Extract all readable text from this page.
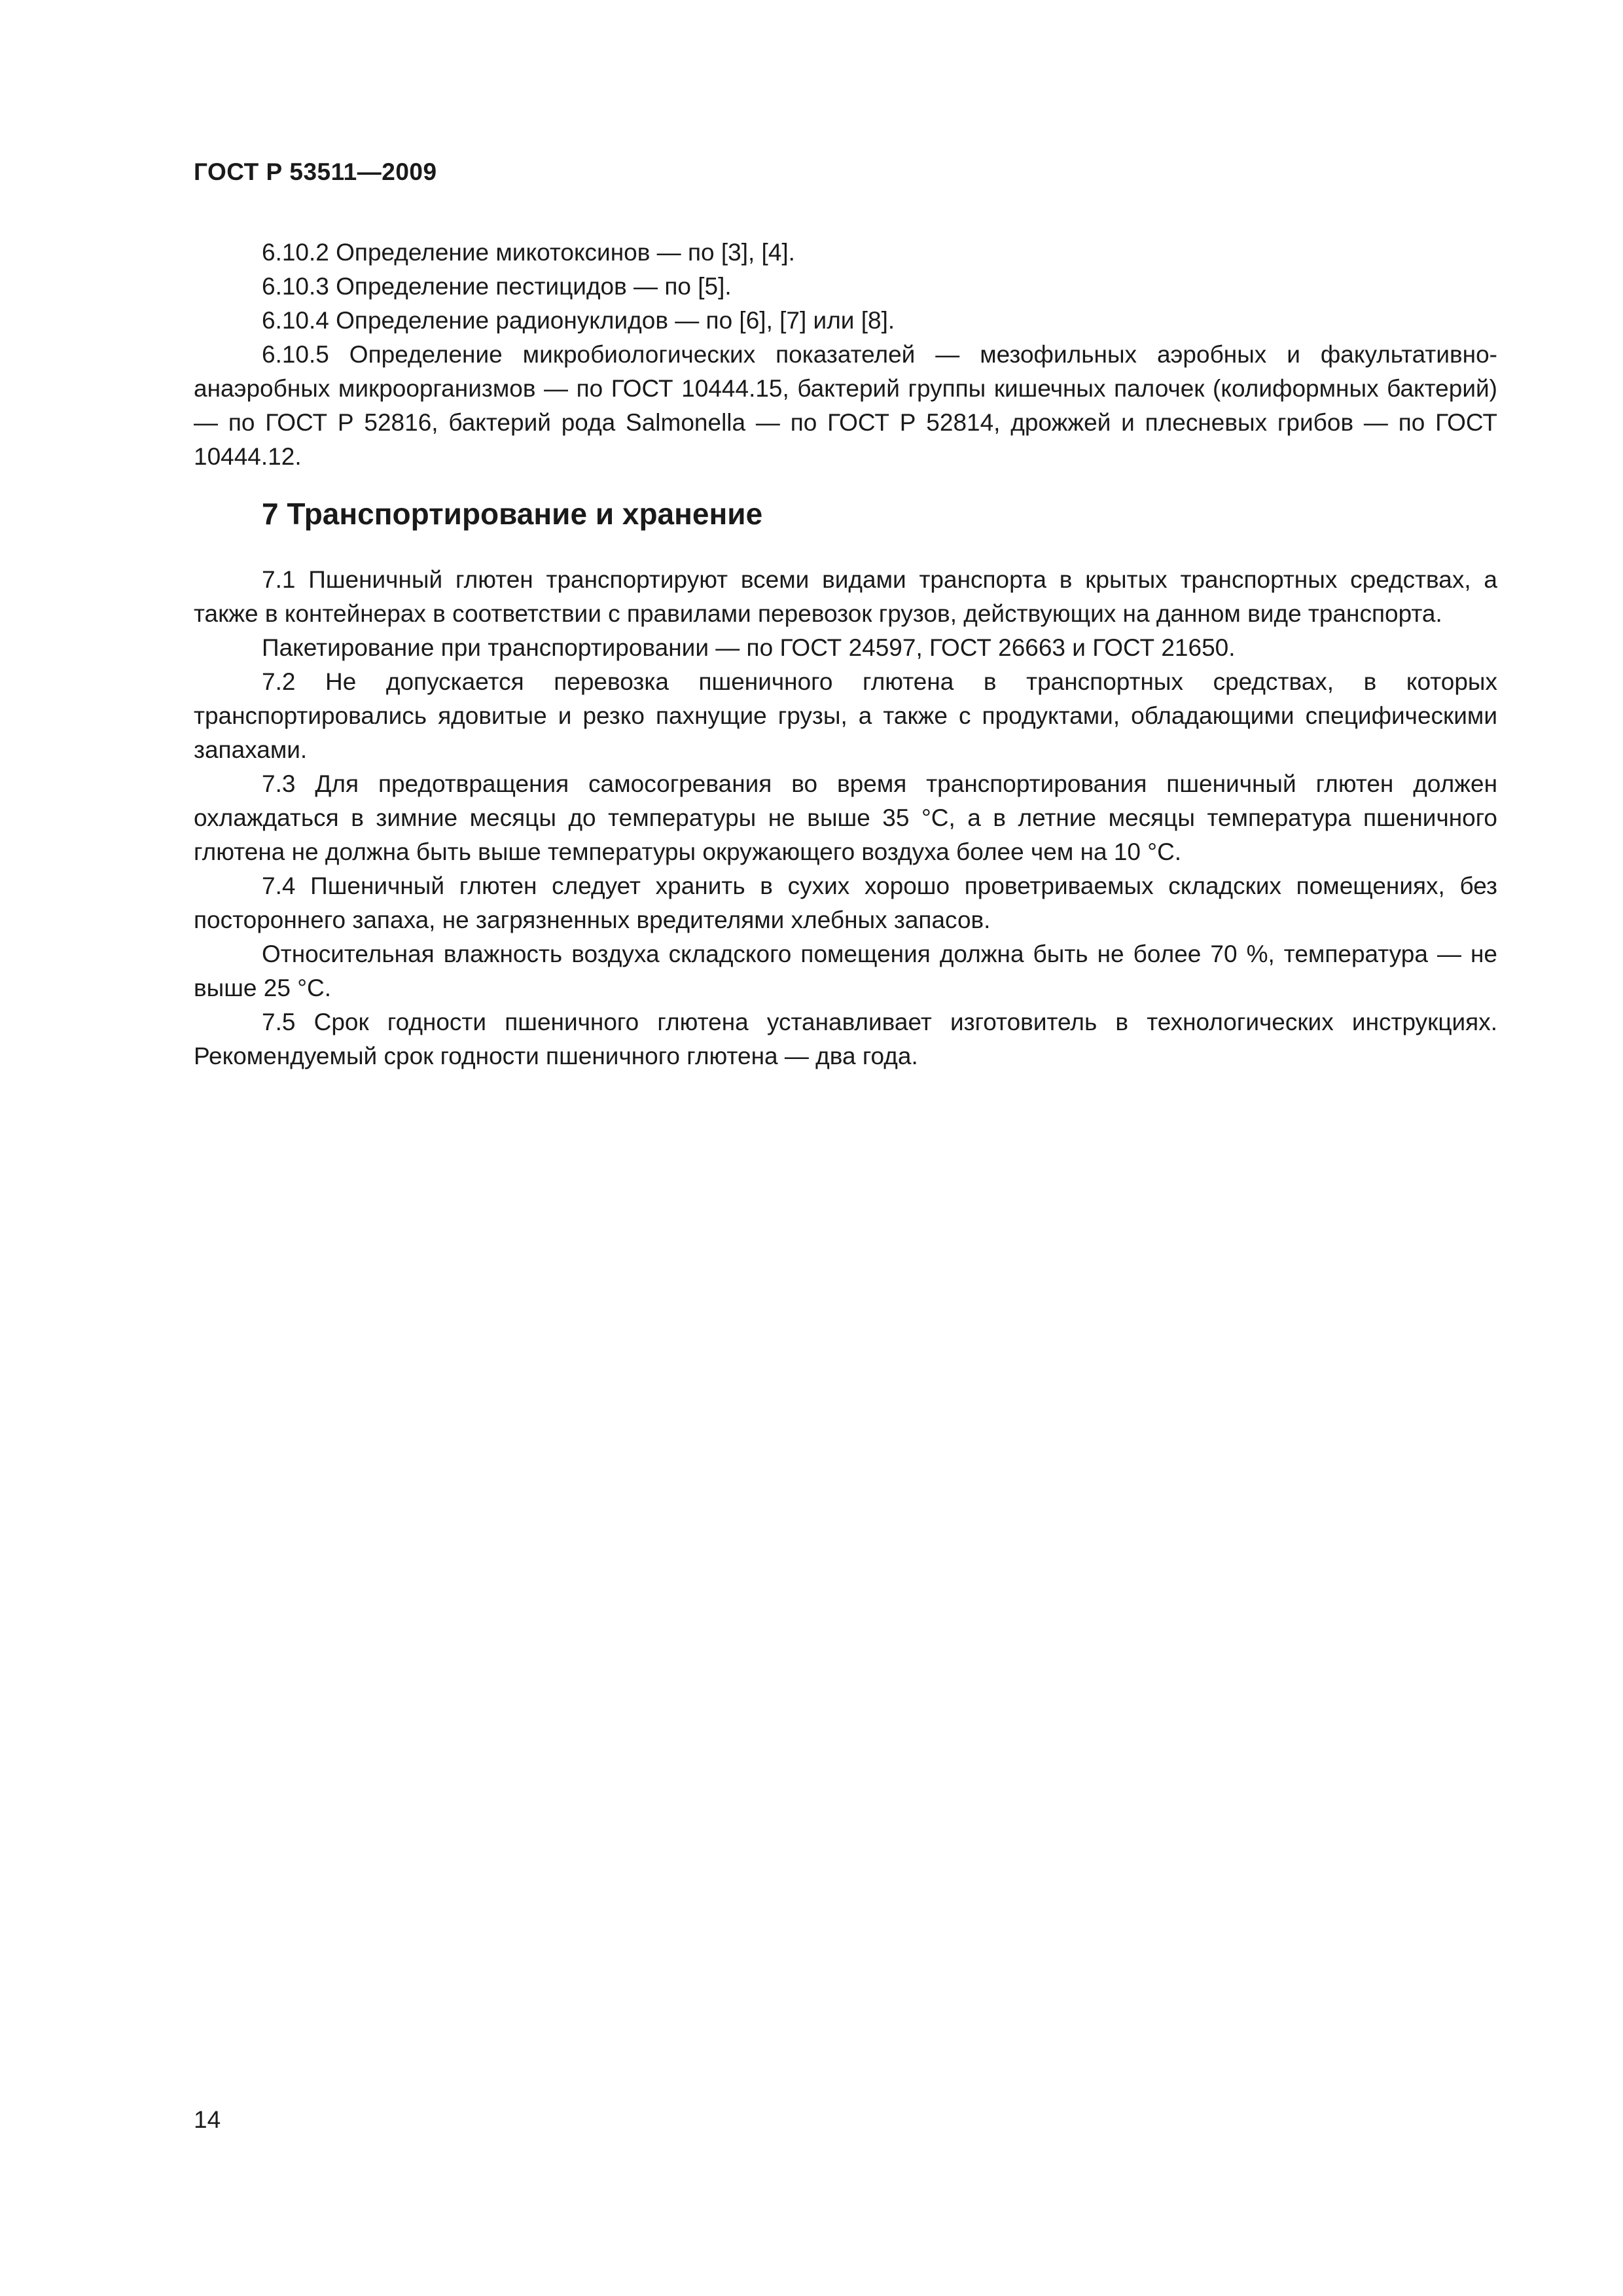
ГОСТ Р 53511—2009

6.10.2 Определение микотоксинов — по [3], [4].

6.10.3 Определение пестицидов — по [5].

6.10.4 Определение радионуклидов — по [6], [7] или [8].

6.10.5 Определение микробиологических показателей — мезофильных аэробных и факультативно-анаэробных микроорганизмов — по ГОСТ 10444.15, бактерий группы кишечных палочек (колиформных бактерий) — по ГОСТ Р 52816, бактерий рода Salmonella — по ГОСТ Р 52814, дрожжей и плесневых грибов — по ГОСТ 10444.12.

7 Транспортирование и хранение

7.1 Пшеничный глютен транспортируют всеми видами транспорта в крытых транспортных средствах, а также в контейнерах в соответствии с правилами перевозок грузов, действующих на данном виде транспорта.

Пакетирование при транспортировании — по ГОСТ 24597, ГОСТ 26663 и ГОСТ 21650.

7.2 Не допускается перевозка пшеничного глютена в транспортных средствах, в которых транспортировались ядовитые и резко пахнущие грузы, а также с продуктами, обладающими специфическими запахами.

7.3 Для предотвращения самосогревания во время транспортирования пшеничный глютен должен охлаждаться в зимние месяцы до температуры не выше 35 °С, а в летние месяцы температура пшеничного глютена не должна быть выше температуры окружающего воздуха более чем на 10 °С.

7.4 Пшеничный глютен следует хранить в сухих хорошо проветриваемых складских помещениях, без постороннего запаха, не загрязненных вредителями хлебных запасов.

Относительная влажность воздуха складского помещения должна быть не более 70 %, температура — не выше 25 °С.

7.5 Срок годности пшеничного глютена устанавливает изготовитель в технологических инструкциях. Рекомендуемый срок годности пшеничного глютена — два года.

14
